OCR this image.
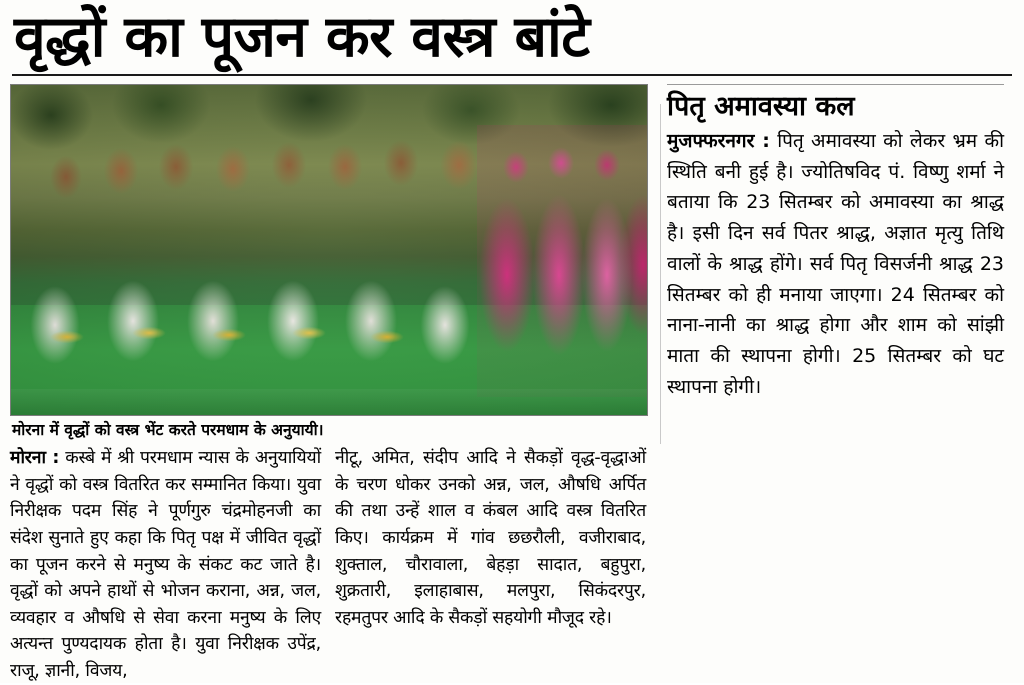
वृद्धों का पूजन कर वस्त्र बांटे
मोरना में वृद्धों को वस्त्र भेंट करते परमधाम के अनुयायी।

मोरना : कस्बे में श्री परमधाम न्यास के अनुयायियों ने वृद्धों को वस्त्र वितरित कर सम्मानित किया। युवा निरीक्षक पदम सिंह ने पूर्णगुरु चंद्रमोहनजी का संदेश सुनाते हुए कहा कि पितृ पक्ष में जीवित वृद्धों का पूजन करने से मनुष्य के संकट कट जाते है। वृद्धों को अपने हाथों से भोजन कराना, अन्न, जल, व्यवहार व औषधि से सेवा करना मनुष्य के लिए अत्यन्त पुण्यदायक होता है। युवा निरीक्षक उपेंद्र, राजू, ज्ञानी, विजय,

नीटू, अमित, संदीप आदि ने सैकड़ों वृद्ध-वृद्धाओं के चरण धोकर उनको अन्न, जल, औषधि अर्पित की तथा उन्हें शाल व कंबल आदि वस्त्र वितरित किए। कार्यक्रम में गांव छछरौली, वजीराबाद, शुक्ताल, चौरावाला, बेहड़ा सादात, बहुपुरा, शुक्रतारी, इलाहाबास, मलपुरा, सिकंदरपुर, रहमतुपर आदि के सैकड़ों सहयोगी मौजूद रहे।

पितृ अमावस्या कल

मुजफ्फरनगर : पितृ अमावस्या को लेकर भ्रम की स्थिति बनी हुई है। ज्योतिषविद पं. विष्णु शर्मा ने बताया कि 23 सितम्बर को अमावस्या का श्राद्ध है। इसी दिन सर्व पितर श्राद्ध, अज्ञात मृत्यु तिथि वालों के श्राद्ध होंगे। सर्व पितृ विसर्जनी श्राद्ध 23 सितम्बर को ही मनाया जाएगा। 24 सितम्बर को नाना-नानी का श्राद्ध होगा और शाम को सांझी माता की स्थापना होगी। 25 सितम्बर को घट स्थापना होगी।
